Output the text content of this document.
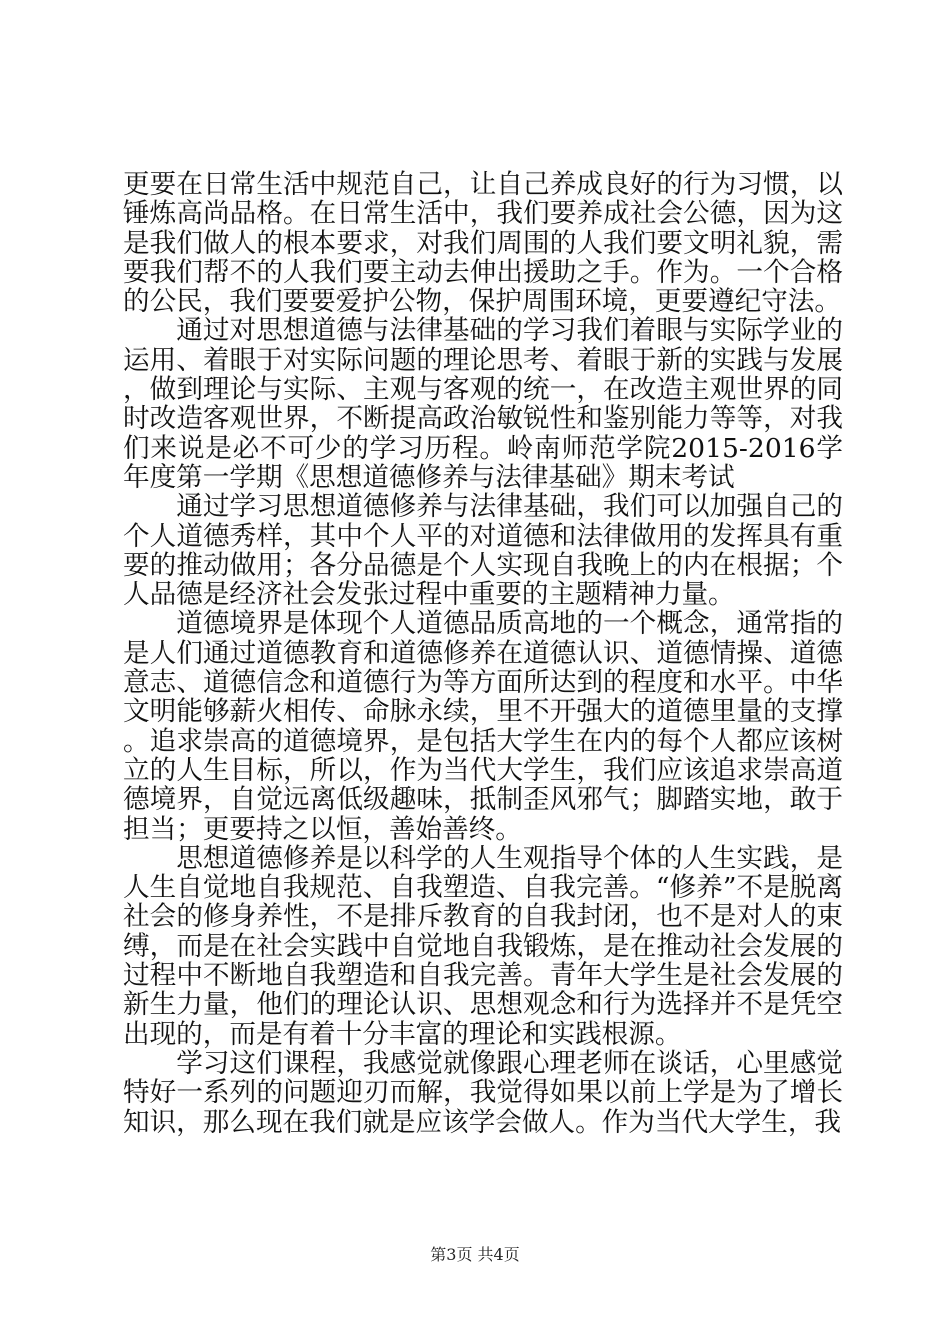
更要在日常生活中规范自己，让自己养成良好的行为习惯，以锤炼高尚品格。在日常生活中，我们要养成社会公德，因为这是我们做人的根本要求，对我们周围的人我们要文明礼貌，需要我们帮不的人我们要主动去伸出援助之手。作为。一个合格的公民，我们要要爱护公物，保护周围环境，更要遵纪守法。

通过对思想道德与法律基础的学习我们着眼与实际学业的运用、着眼于对实际问题的理论思考、着眼于新的实践与发展，做到理论与实际、主观与客观的统一，在改造主观世界的同时改造客观世界，不断提高政治敏锐性和鉴别能力等等，对我们来说是必不可少的学习历程。岭南师范学院2015-2016学年度第一学期《思想道德修养与法律基础》期末考试

通过学习思想道德修养与法律基础，我们可以加强自己的个人道德秀样，其中个人平的对道德和法律做用的发挥具有重要的推动做用；各分品德是个人实现自我晚上的内在根据；个人品德是经济社会发张过程中重要的主题精神力量。

道德境界是体现个人道德品质高地的一个概念，通常指的是人们通过道德教育和道德修养在道德认识、道德情操、道德意志、道德信念和道德行为等方面所达到的程度和水平。中华文明能够薪火相传、命脉永续，里不开强大的道德里量的支撑。追求崇高的道德境界，是包括大学生在内的每个人都应该树立的人生目标，所以，作为当代大学生，我们应该追求崇高道德境界，自觉远离低级趣味，抵制歪风邪气；脚踏实地，敢于担当；更要持之以恒，善始善终。

思想道德修养是以科学的人生观指导个体的人生实践，是人生自觉地自我规范、自我塑造、自我完善。“修养”不是脱离社会的修身养性，不是排斥教育的自我封闭，也不是对人的束缚，而是在社会实践中自觉地自我锻炼，是在推动社会发展的过程中不断地自我塑造和自我完善。青年大学生是社会发展的新生力量，他们的理论认识、思想观念和行为选择并不是凭空出现的，而是有着十分丰富的理论和实践根源。

学习这们课程，我感觉就像跟心理老师在谈话，心里感觉特好一系列的问题迎刃而解，我觉得如果以前上学是为了增长知识，那么现在我们就是应该学会做人。作为当代大学生，我

第3页 共4页
